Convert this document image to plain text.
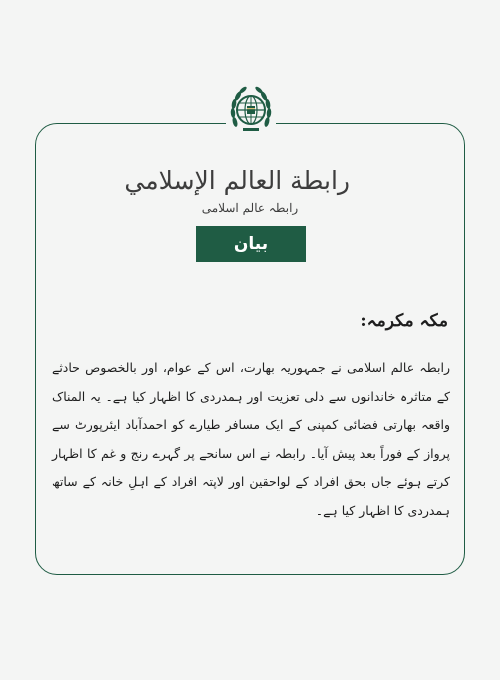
رابطة العالم الإسلامي
رابطہ عالم اسلامی
بیان
مکہ مکرمہ:
رابطہ عالم اسلامی نے جمہوریہ بھارت، اس کے عوام، اور بالخصوص حادثے کے متاثرہ خاندانوں سے دلی تعزیت اور ہمدردی کا اظہار کیا ہے۔ یہ المناک واقعہ بھارتی فضائی کمپنی کے ایک مسافر طیارے کو احمدآباد ایئرپورٹ سے پرواز کے فوراً بعد پیش آیا۔ رابطہ نے اس سانحے پر گہرے رنج و غم کا اظہار کرتے ہوئے جاں بحق افراد کے لواحقین اور لاپتہ افراد کے اہلِ خانہ کے ساتھ ہمدردی کا اظہار کیا ہے۔
